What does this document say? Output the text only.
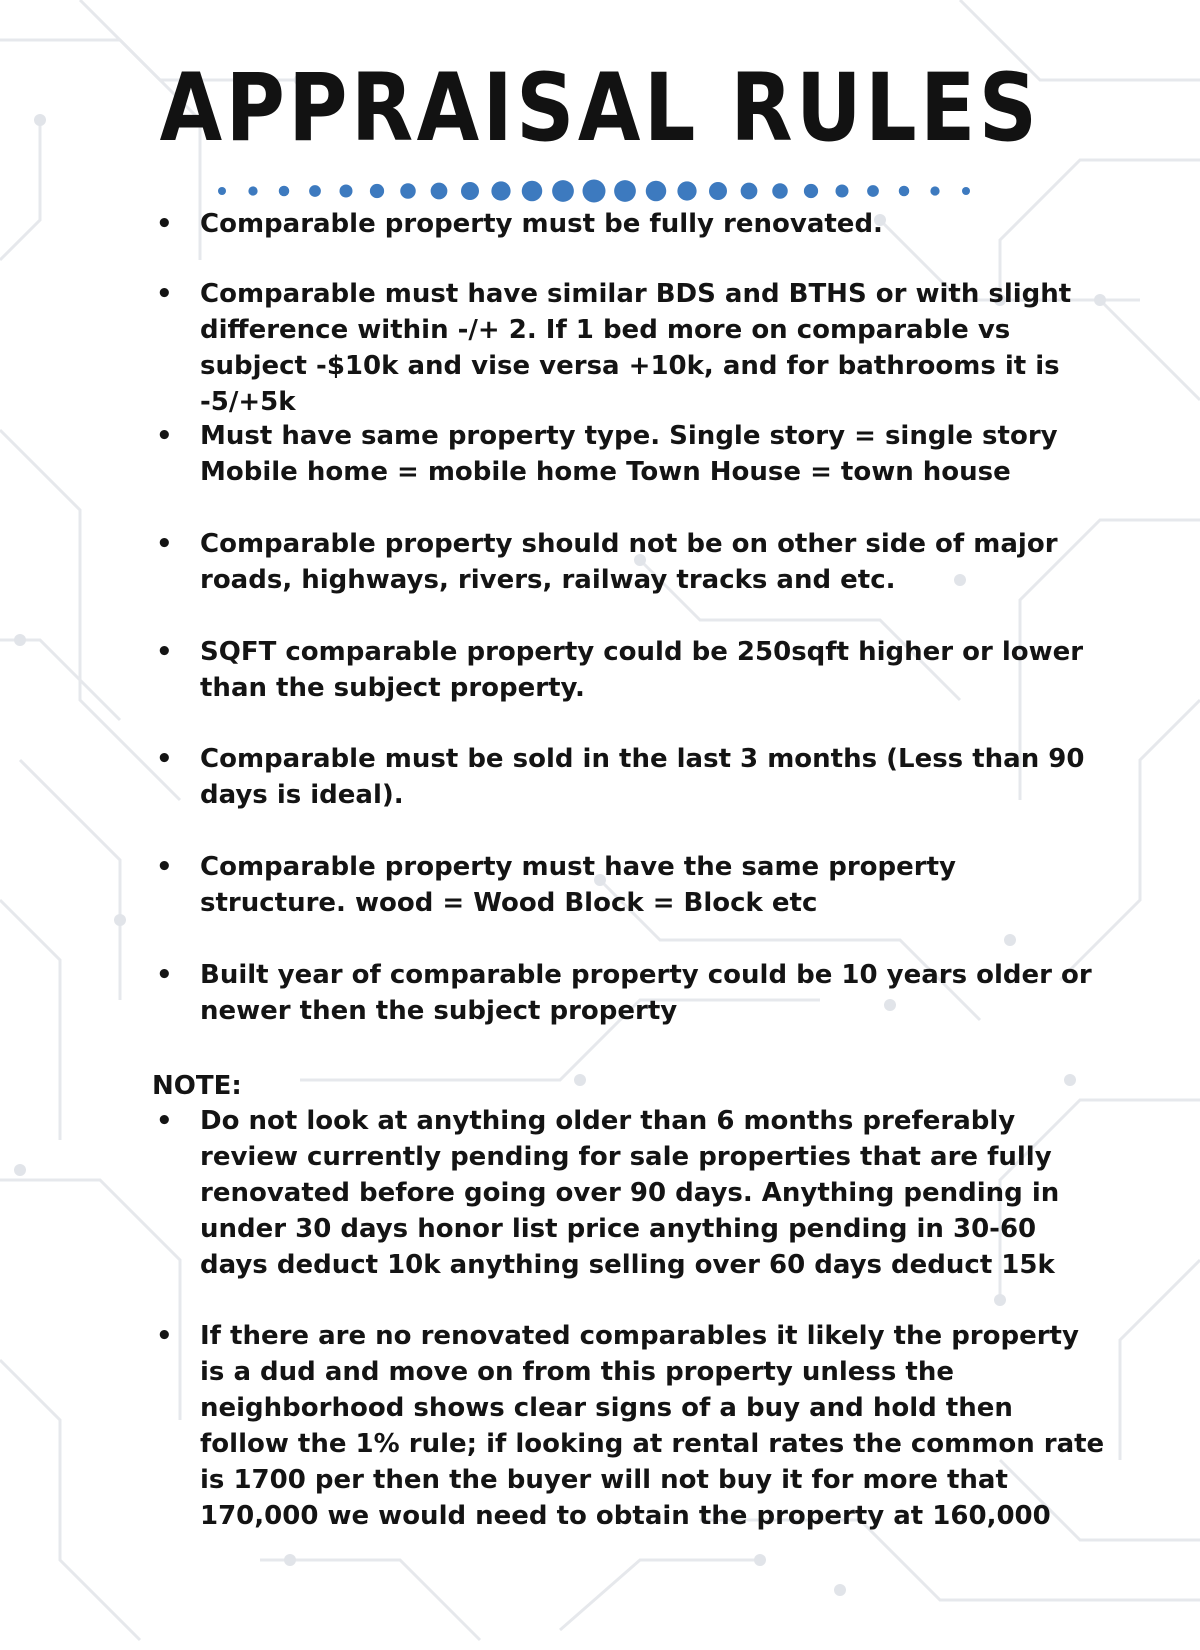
APPRAISAL RULES
•	Comparable property must be fully renovated.
•	Comparable must have similar BDS and BTHS or with slight difference within -/+ 2. If 1 bed more on comparable vs subject -$10k and vise versa +10k, and for bathrooms it is -5/+5k
•	Must have same property type. Single story = single story Mobile home = mobile home Town House = town house
•	Comparable property should not be on other side of major roads, highways, rivers, railway tracks and etc.
•	SQFT comparable property could be 250sqft higher or lower than the subject property.
•	Comparable must be sold in the last 3 months (Less than 90 days is ideal).
•	Comparable property must have the same property structure. wood = Wood Block = Block etc
•	Built year of comparable property could be 10 years older or newer then the subject property
NOTE:
•	Do not look at anything older than 6 months preferably review currently pending for sale properties that are fully renovated before going over 90 days. Anything pending in under 30 days honor list price anything pending in 30-60 days deduct 10k anything selling over 60 days deduct 15k
•	If there are no renovated comparables it likely the property is a dud and move on from this property unless the neighborhood shows clear signs of a buy and hold then follow the 1% rule; if looking at rental rates the common rate is 1700 per then the buyer will not buy it for more that 170,000 we would need to obtain the property at 160,000
